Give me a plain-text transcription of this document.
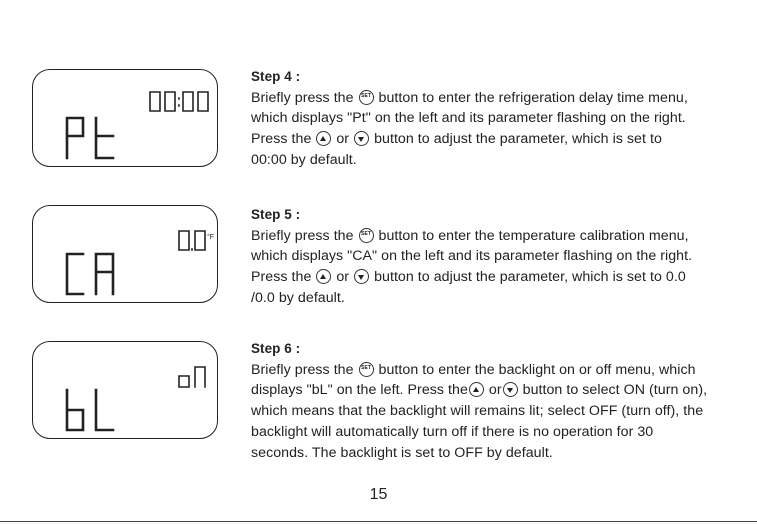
°F
Step 4 :
Briefly press the SET button to enter the refrigeration delay time menu,
which displays "Pt" on the left and its parameter flashing on the right.
Press the  or  button to adjust the parameter, which is set to
00:00 by default.
Step 5 :
Briefly press the SET button to enter the temperature calibration menu,
which displays "CA" on the left and its parameter flashing on the right.
Press the  or  button to adjust the parameter, which is set to 0.0
/0.0 by default.
Step 6 :
Briefly press the SET button to enter the backlight on or off menu, which
displays "bL" on the left. Press the or button to select ON (turn on),
which means that the backlight will remains lit; select OFF (turn off), the
backlight will automatically turn off if there is no operation for 30
seconds. The backlight is set to OFF by default.
15
